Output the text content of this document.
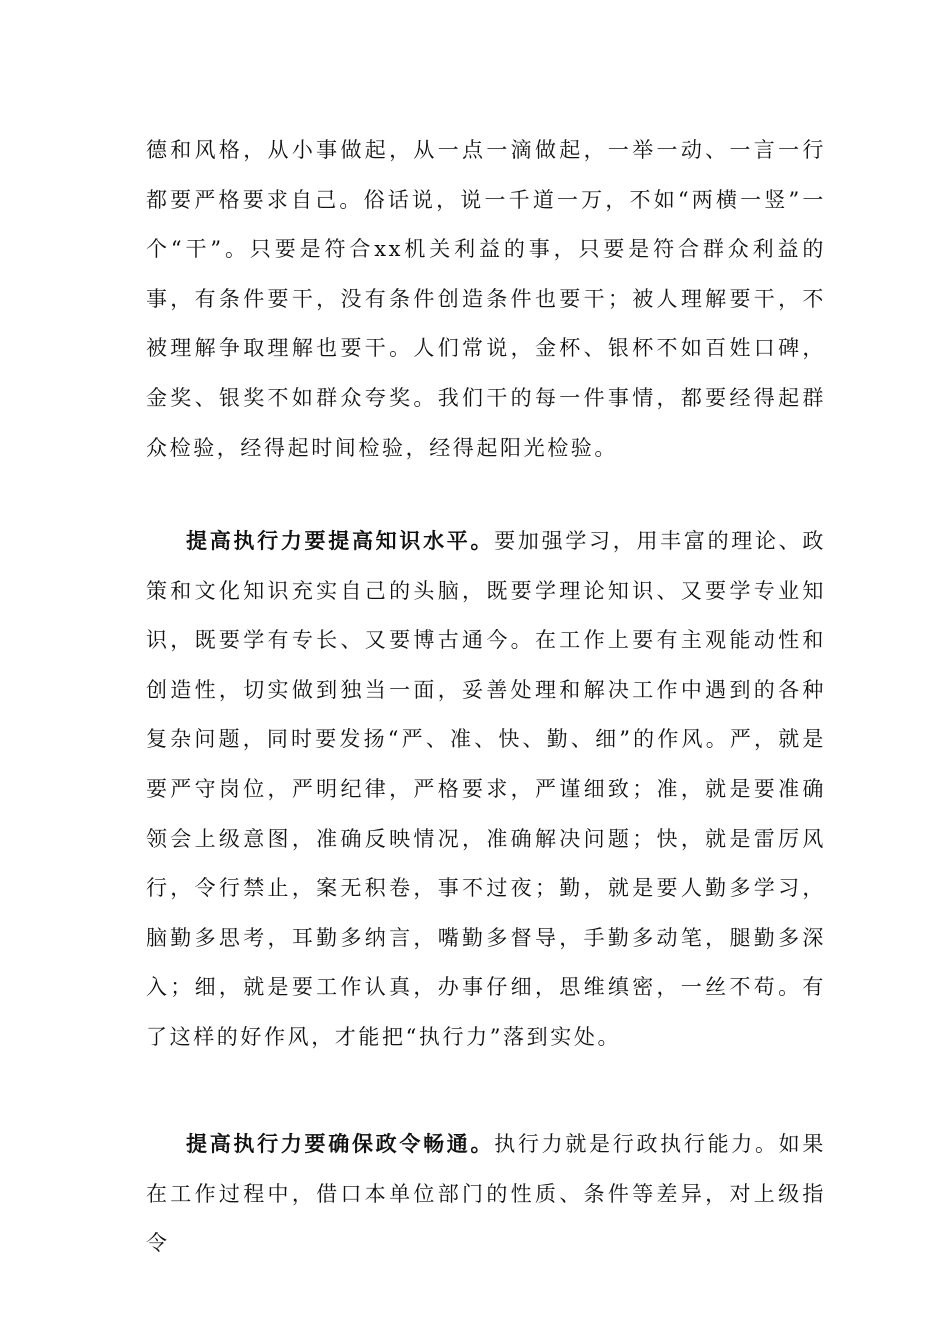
德和风格，从小事做起，从一点一滴做起，一举一动、一言一行都要严格要求自己。俗话说，说一千道一万，不如“两横一竖”一个“干”。只要是符合xx机关利益的事，只要是符合群众利益的事，有条件要干，没有条件创造条件也要干；被人理解要干，不被理解争取理解也要干。人们常说，金杯、银杯不如百姓口碑，金奖、银奖不如群众夸奖。我们干的每一件事情，都要经得起群众检验，经得起时间检验，经得起阳光检验。

提高执行力要提高知识水平。要加强学习，用丰富的理论、政策和文化知识充实自己的头脑，既要学理论知识、又要学专业知识，既要学有专长、又要博古通今。在工作上要有主观能动性和创造性，切实做到独当一面，妥善处理和解决工作中遇到的各种复杂问题，同时要发扬“严、准、快、勤、细”的作风。严，就是要严守岗位，严明纪律，严格要求，严谨细致；准，就是要准确领会上级意图，准确反映情况，准确解决问题；快，就是雷厉风行，令行禁止，案无积卷，事不过夜；勤，就是要人勤多学习，脑勤多思考，耳勤多纳言，嘴勤多督导，手勤多动笔，腿勤多深入；细，就是要工作认真，办事仔细，思维缜密，一丝不苟。有了这样的好作风，才能把“执行力”落到实处。

提高执行力要确保政令畅通。执行力就是行政执行能力。如果在工作过程中，借口本单位部门的性质、条件等差异，对上级指令
